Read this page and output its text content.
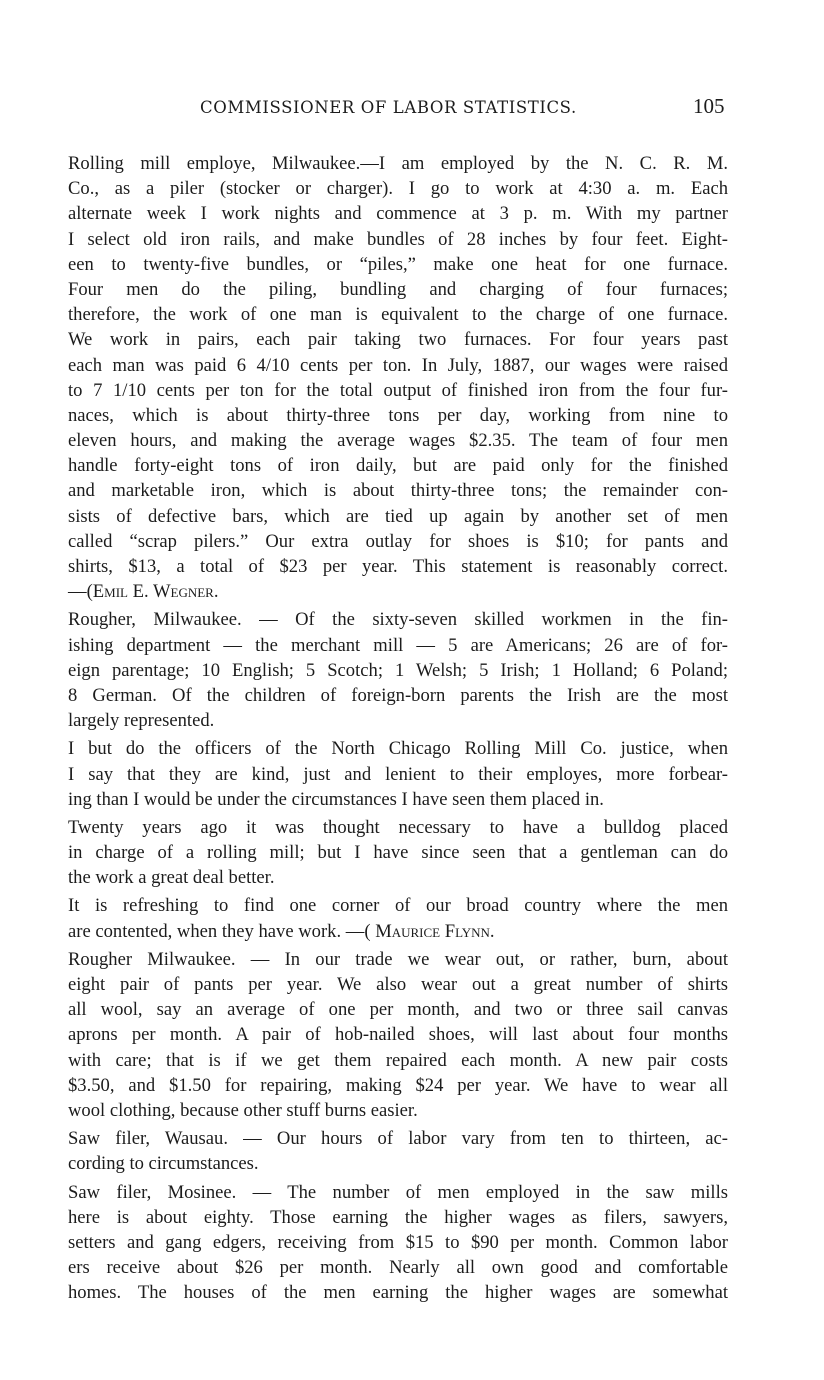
COMMISSIONER OF LABOR STATISTICS.	105
Rolling mill employe, Milwaukee.—I am employed by the N. C. R. M.
Co., as a piler (stocker or charger). I go to work at 4:30 a. m. Each
alternate week I work nights and commence at 3 p. m. With my partner
I select old iron rails, and make bundles of 28 inches by four feet. Eight-
een to twenty-five bundles, or “piles,” make one heat for one furnace.
Four men do the piling, bundling and charging of four furnaces;
therefore, the work of one man is equivalent to the charge of one furnace.
We work in pairs, each pair taking two furnaces. For four years past
each man was paid 6 4/10 cents per ton. In July, 1887, our wages were raised
to 7 1/10 cents per ton for the total output of finished iron from the four fur-
naces, which is about thirty-three tons per day, working from nine to
eleven hours, and making the average wages $2.35. The team of four men
handle forty-eight tons of iron daily, but are paid only for the finished
and marketable iron, which is about thirty-three tons; the remainder con-
sists of defective bars, which are tied up again by another set of men
called “scrap pilers.” Our extra outlay for shoes is $10; for pants and
shirts, $13, a total of $23 per year. This statement is reasonably correct.
—(Emil E. Wegner.
Rougher, Milwaukee. — Of the sixty-seven skilled workmen in the fin-
ishing department — the merchant mill — 5 are Americans; 26 are of for-
eign parentage; 10 English; 5 Scotch; 1 Welsh; 5 Irish; 1 Holland; 6 Poland;
8 German. Of the children of foreign-born parents the Irish are the most
largely represented.
I but do the officers of the North Chicago Rolling Mill Co. justice, when
I say that they are kind, just and lenient to their employes, more forbear-
ing than I would be under the circumstances I have seen them placed in.
Twenty years ago it was thought necessary to have a bulldog placed
in charge of a rolling mill; but I have since seen that a gentleman can do
the work a great deal better.
It is refreshing to find one corner of our broad country where the men
are contented, when they have work. —( Maurice Flynn.
Rougher Milwaukee. — In our trade we wear out, or rather, burn, about
eight pair of pants per year. We also wear out a great number of shirts
all wool, say an average of one per month, and two or three sail canvas
aprons per month. A pair of hob-nailed shoes, will last about four months
with care; that is if we get them repaired each month. A new pair costs
$3.50, and $1.50 for repairing, making $24 per year. We have to wear all
wool clothing, because other stuff burns easier.
Saw filer, Wausau. — Our hours of labor vary from ten to thirteen, ac-
cording to circumstances.
Saw filer, Mosinee. — The number of men employed in the saw mills
here is about eighty. Those earning the higher wages as filers, sawyers,
setters and gang edgers, receiving from $15 to $90 per month. Common labor
ers receive about $26 per month. Nearly all own good and comfortable
homes. The houses of the men earning the higher wages are somewhat
